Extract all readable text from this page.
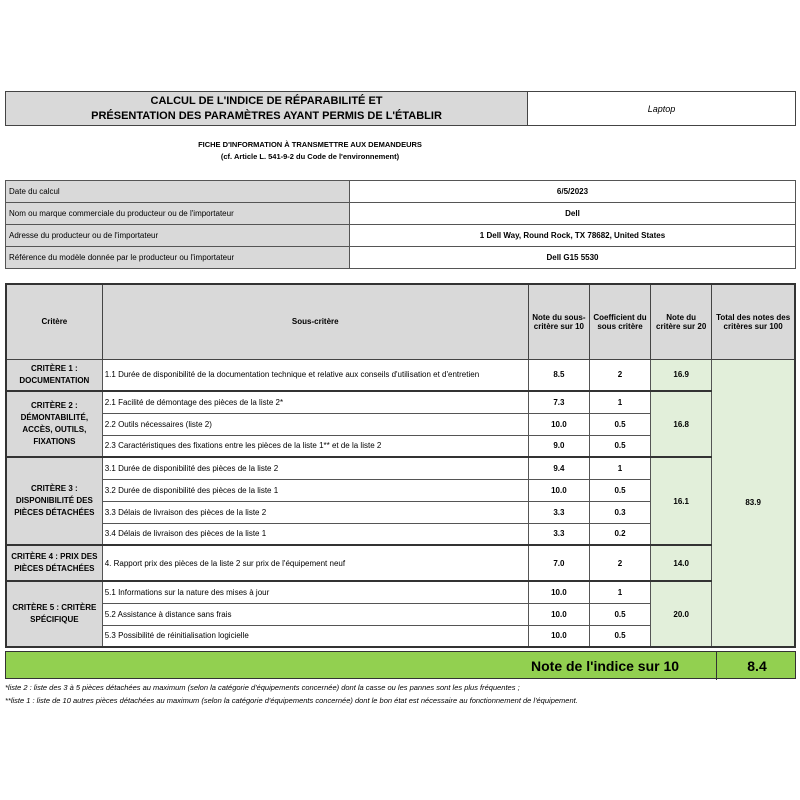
CALCUL DE L'INDICE DE RÉPARABILITÉ ET
PRÉSENTATION DES PARAMÈTRES AYANT PERMIS DE L'ÉTABLIR
Laptop
FICHE D'INFORMATION À TRANSMETTRE AUX DEMANDEURS
(cf. Article L. 541-9-2 du Code de l'environnement)
Date du calcul	6/5/2023
Nom ou marque commerciale du producteur ou de l'importateur	Dell
Adresse du producteur ou de l'importateur	1 Dell Way, Round Rock, TX 78682, United States
Référence du modèle donnée par le producteur ou l'importateur	Dell G15 5530
Critère	Sous-critère	Note du sous-critère sur 10	Coefficient du sous critère	Note du critère sur 20	Total des notes des critères sur 100
CRITÈRE 1 : DOCUMENTATION	1.1 Durée de disponibilité de la documentation technique et relative aux conseils d'utilisation et d'entretien	8.5	2	16.9	83.9
CRITÈRE 2 : DÉMONTABILITÉ, ACCÈS, OUTILS, FIXATIONS	2.1 Facilité de démontage des pièces de la liste 2*	7.3	1	16.8	
	2.2 Outils nécessaires (liste 2)	10.0	0.5		
	2.3 Caractéristiques des fixations entre les pièces de la liste 1** et de la liste 2	9.0	0.5		
CRITÈRE 3 : DISPONIBILITÉ DES PIÈCES DÉTACHÉES	3.1 Durée de disponibilité des pièces de la liste 2	9.4	1	16.1	
	3.2 Durée de disponibilité des pièces de la liste 1	10.0	0.5		
	3.3 Délais de livraison des pièces de la liste 2	3.3	0.3		
	3.4 Délais de livraison des pièces de la liste 1	3.3	0.2		
CRITÈRE 4 : PRIX DES PIÈCES DÉTACHÉES	4. Rapport prix des pièces de la liste 2 sur prix de l'équipement neuf	7.0	2	14.0	
CRITÈRE 5 : CRITÈRE SPÉCIFIQUE	5.1 Informations sur la nature des mises à jour	10.0	1	20.0	
	5.2 Assistance à distance sans frais	10.0	0.5		
	5.3 Possibilité de réinitialisation logicielle	10.0	0.5		
Note de l'indice sur 10	8.4
*liste 2 : liste des 3 à 5 pièces détachées au maximum (selon la catégorie d'équipements concernée) dont la casse ou les pannes sont les plus fréquentes ;
**liste 1 : liste de 10 autres pièces détachées au maximum (selon la catégorie d'équipements concernée) dont le bon état est nécessaire au fonctionnement de l'équipement.
